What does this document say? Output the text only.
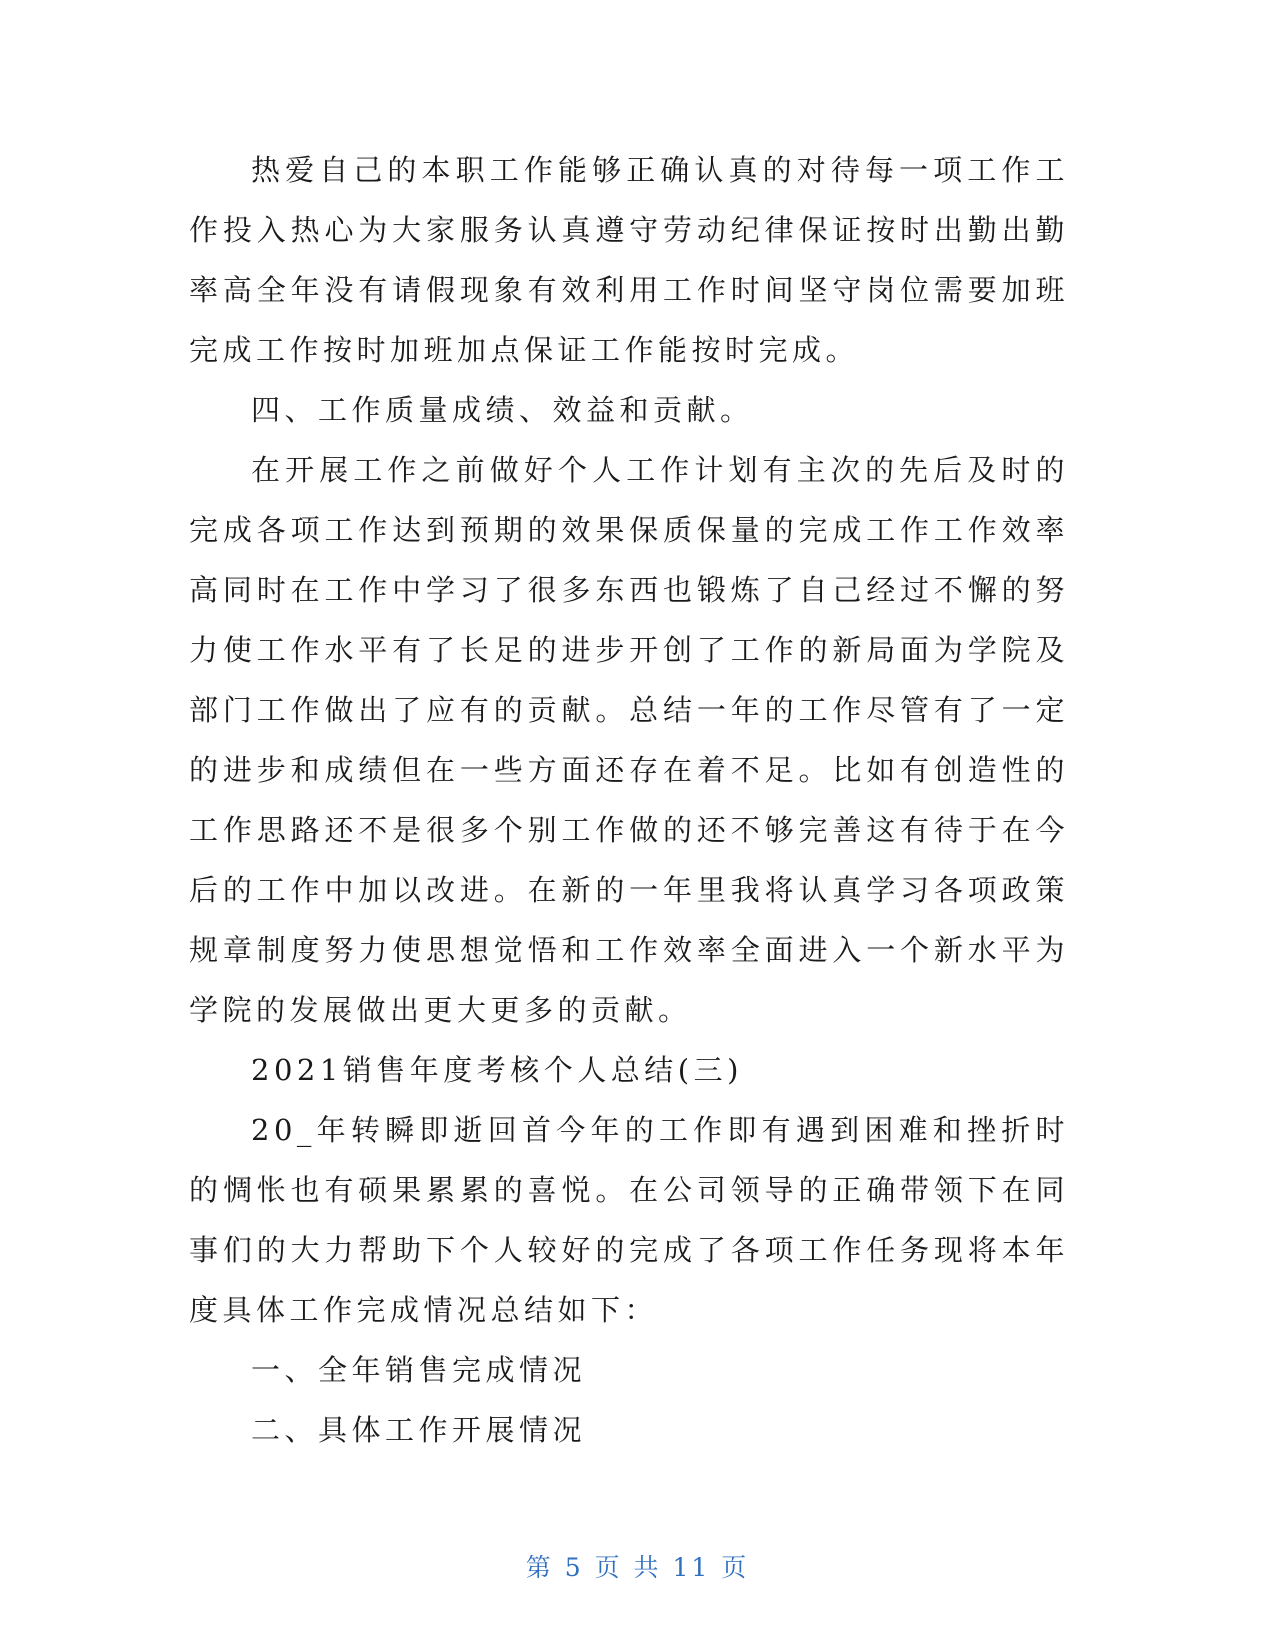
热爱自己的本职工作能够正确认真的对待每一项工作工作投入热心为大家服务认真遵守劳动纪律保证按时出勤出勤率高全年没有请假现象有效利用工作时间坚守岗位需要加班完成工作按时加班加点保证工作能按时完成。

四、工作质量成绩、效益和贡献。

在开展工作之前做好个人工作计划有主次的先后及时的完成各项工作达到预期的效果保质保量的完成工作工作效率高同时在工作中学习了很多东西也锻炼了自己经过不懈的努力使工作水平有了长足的进步开创了工作的新局面为学院及部门工作做出了应有的贡献。总结一年的工作尽管有了一定的进步和成绩但在一些方面还存在着不足。比如有创造性的工作思路还不是很多个别工作做的还不够完善这有待于在今后的工作中加以改进。在新的一年里我将认真学习各项政策规章制度努力使思想觉悟和工作效率全面进入一个新水平为学院的发展做出更大更多的贡献。

2021销售年度考核个人总结(三)

20_年转瞬即逝回首今年的工作即有遇到困难和挫折时的惆怅也有硕果累累的喜悦。在公司领导的正确带领下在同事们的大力帮助下个人较好的完成了各项工作任务现将本年度具体工作完成情况总结如下：

一、全年销售完成情况

二、具体工作开展情况

第 5 页 共 11 页
